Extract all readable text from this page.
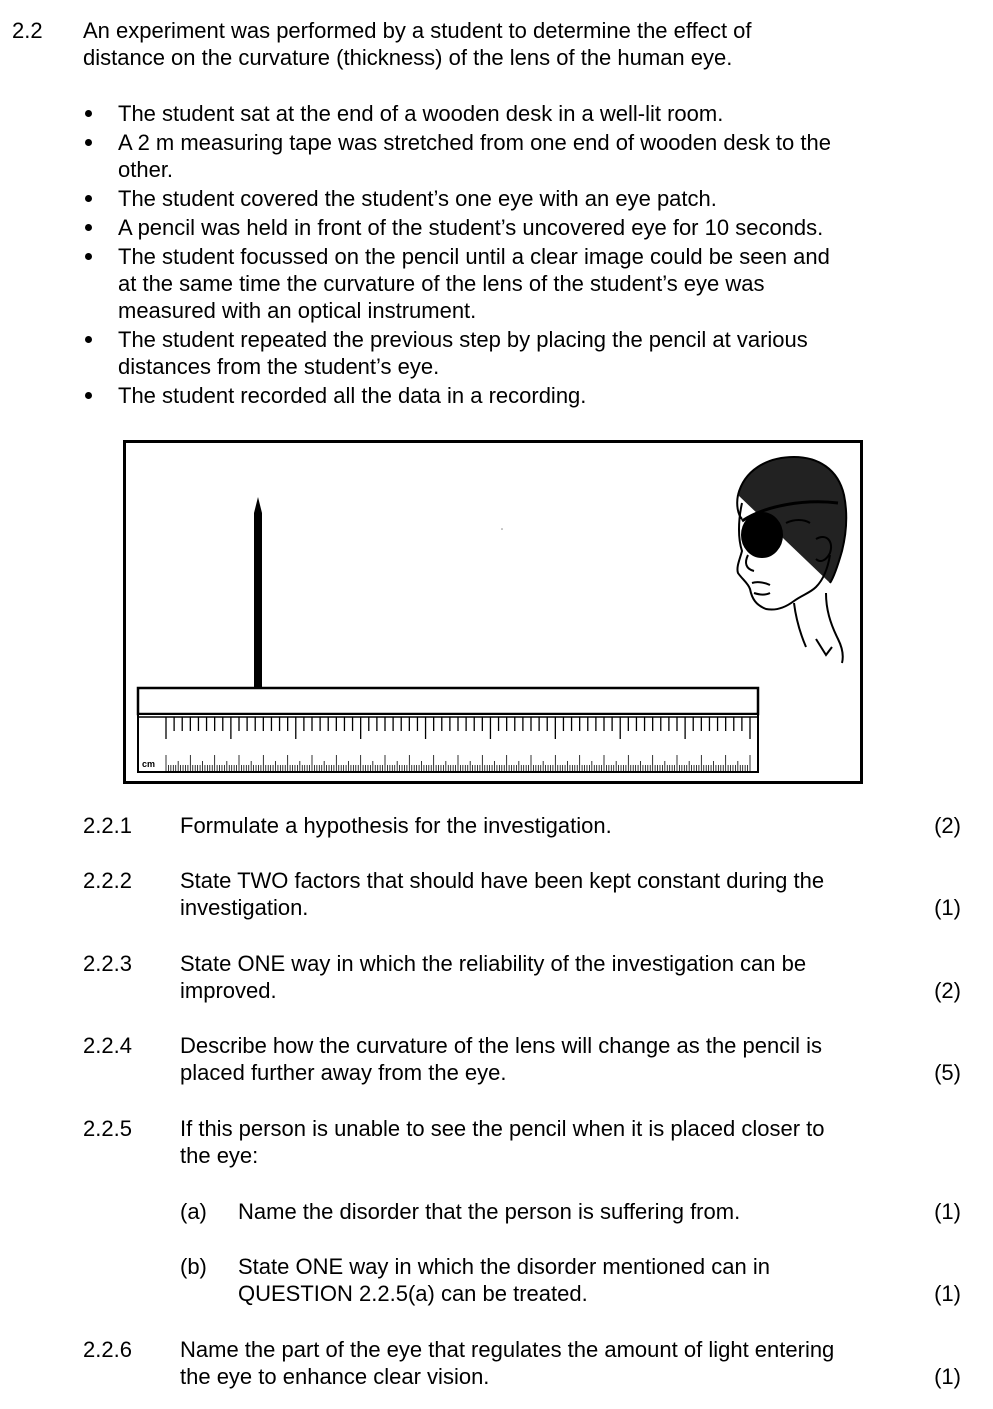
2.2 An experiment was performed by a student to determine the effect of
distance on the curvature (thickness) of the lens of the human eye.
The student sat at the end of a wooden desk in a well-lit room.
A 2 m measuring tape was stretched from one end of wooden desk to the
other.
The student covered the student’s one eye with an eye patch.
A pencil was held in front of the student’s uncovered eye for 10 seconds.
The student focussed on the pencil until a clear image could be seen and
at the same time the curvature of the lens of the student’s eye was
measured with an optical instrument.
The student repeated the previous step by placing the pencil at various
distances from the student’s eye.
The student recorded all the data in a recording.
cm
2.2.1 Formulate a hypothesis for the investigation.	(2)
2.2.2 State TWO factors that should have been kept constant during the
investigation.	(1)
2.2.3 State ONE way in which the reliability of the investigation can be
improved.	(2)
2.2.4 Describe how the curvature of the lens will change as the pencil is
placed further away from the eye.	(5)
2.2.5 If this person is unable to see the pencil when it is placed closer to
the eye:
(a) Name the disorder that the person is suffering from.	(1)
(b) State ONE way in which the disorder mentioned can in
QUESTION 2.2.5(a) can be treated.	(1)
2.2.6 Name the part of the eye that regulates the amount of light entering
the eye to enhance clear vision.	(1)
